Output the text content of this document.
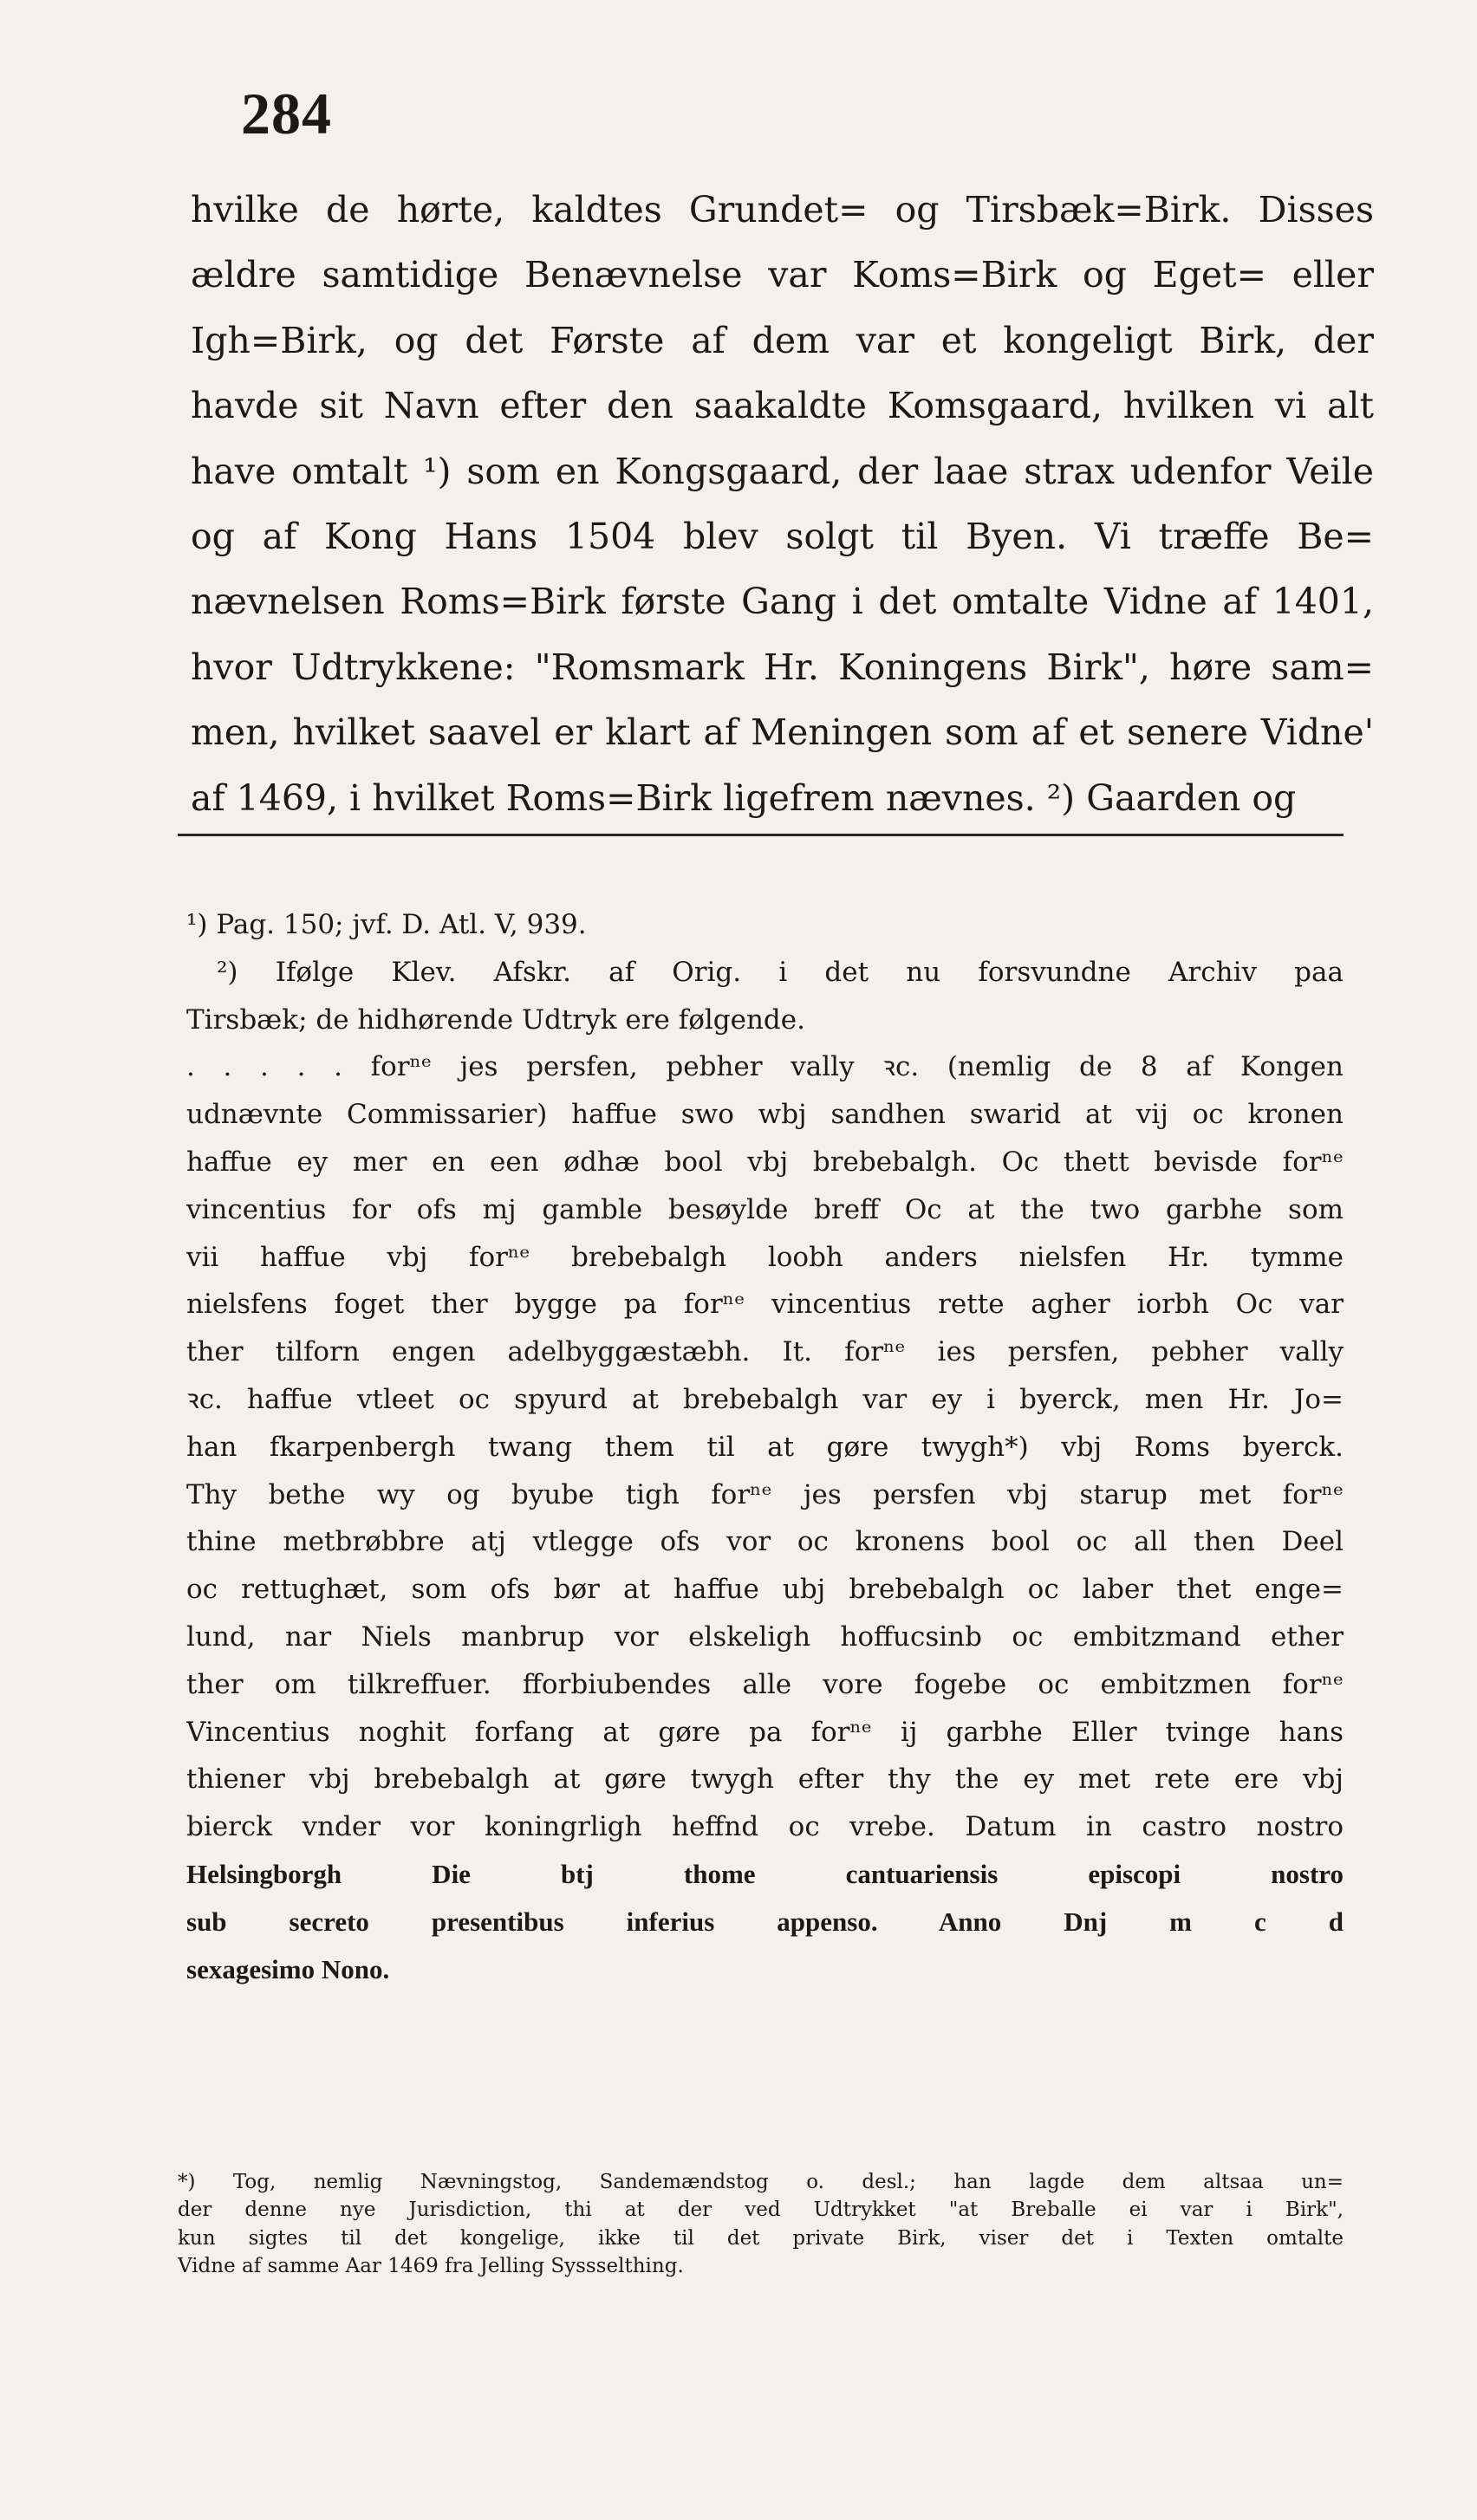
284
hvilke de hørte, kaldtes Grundet= og Tirsbæk=Birk. Disses
ældre samtidige Benævnelse var Koms=Birk og Eget= eller
Igh=Birk, og det Første af dem var et kongeligt Birk, der
havde sit Navn efter den saakaldte Komsgaard, hvilken vi alt
have omtalt ¹) som en Kongsgaard, der laae strax udenfor Veile
og af Kong Hans 1504 blev solgt til Byen. Vi træffe Be=
nævnelsen Roms=Birk første Gang i det omtalte Vidne af 1401,
hvor Udtrykkene: "Romsmark Hr. Koningens Birk", høre sam=
men, hvilket saavel er klart af Meningen som af et senere Vidne'
af 1469, i hvilket Roms=Birk ligefrem nævnes. ²) Gaarden og
¹) Pag. 150; jvf. D. Atl. V, 939.
²) Ifølge Klev. Afskr. af Orig. i det nu forsvundne Archiv paa
Tirsbæk; de hidhørende Udtryk ere følgende.
. . . . . forⁿᵉ jes persfen, pebher vally ꝛc. (nemlig de 8 af Kongen
udnævnte Commissarier) haffue swo wbj sandhen swarid at vij oc kronen
haffue ey mer en een ødhæ bool vbj brebebalgh. Oc thett bevisde forⁿᵉ
vincentius for ofs mj gamble besøylde breff Oc at the two garbhe som
vii haffue vbj forⁿᵉ brebebalgh loobh anders nielsfen Hr. tymme
nielsfens foget ther bygge pa forⁿᵉ vincentius rette agher iorbh Oc var
ther tilforn engen adelbyggæstæbh. It. forⁿᵉ ies persfen, pebher vally
ꝛc. haffue vtleet oc spyurd at brebebalgh var ey i byerck, men Hr. Jo=
han fkarpenbergh twang them til at gøre twygh*) vbj Roms byerck.
Thy bethe wy og byube tigh forⁿᵉ jes persfen vbj starup met forⁿᵉ
thine metbrøbbre atj vtlegge ofs vor oc kronens bool oc all then Deel
oc rettughæt, som ofs bør at haffue ubj brebebalgh oc laber thet enge=
lund, nar Niels manbrup vor elskeligh hoffucsinb oc embitzmand ether
ther om tilkreffuer. fforbiubendes alle vore fogebe oc embitzmen forⁿᵉ
Vincentius noghit forfang at gøre pa forⁿᵉ ij garbhe Eller tvinge hans
thiener vbj brebebalgh at gøre twygh efter thy the ey met rete ere vbj
bierck vnder vor koningrligh heffnd oc vrebe. Datum in castro nostro
Helsingborgh Die btj thome cantuariensis episcopi nostro
sub secreto presentibus inferius appenso. Anno Dnj m c d
sexagesimo Nono.
*) Tog, nemlig Nævningstog, Sandemændstog o. desl.; han lagde dem altsaa un=
der denne nye Jurisdiction, thi at der ved Udtrykket "at Breballe ei var i Birk",
kun sigtes til det kongelige, ikke til det private Birk, viser det i Texten omtalte
Vidne af samme Aar 1469 fra Jelling Syssselthing.
